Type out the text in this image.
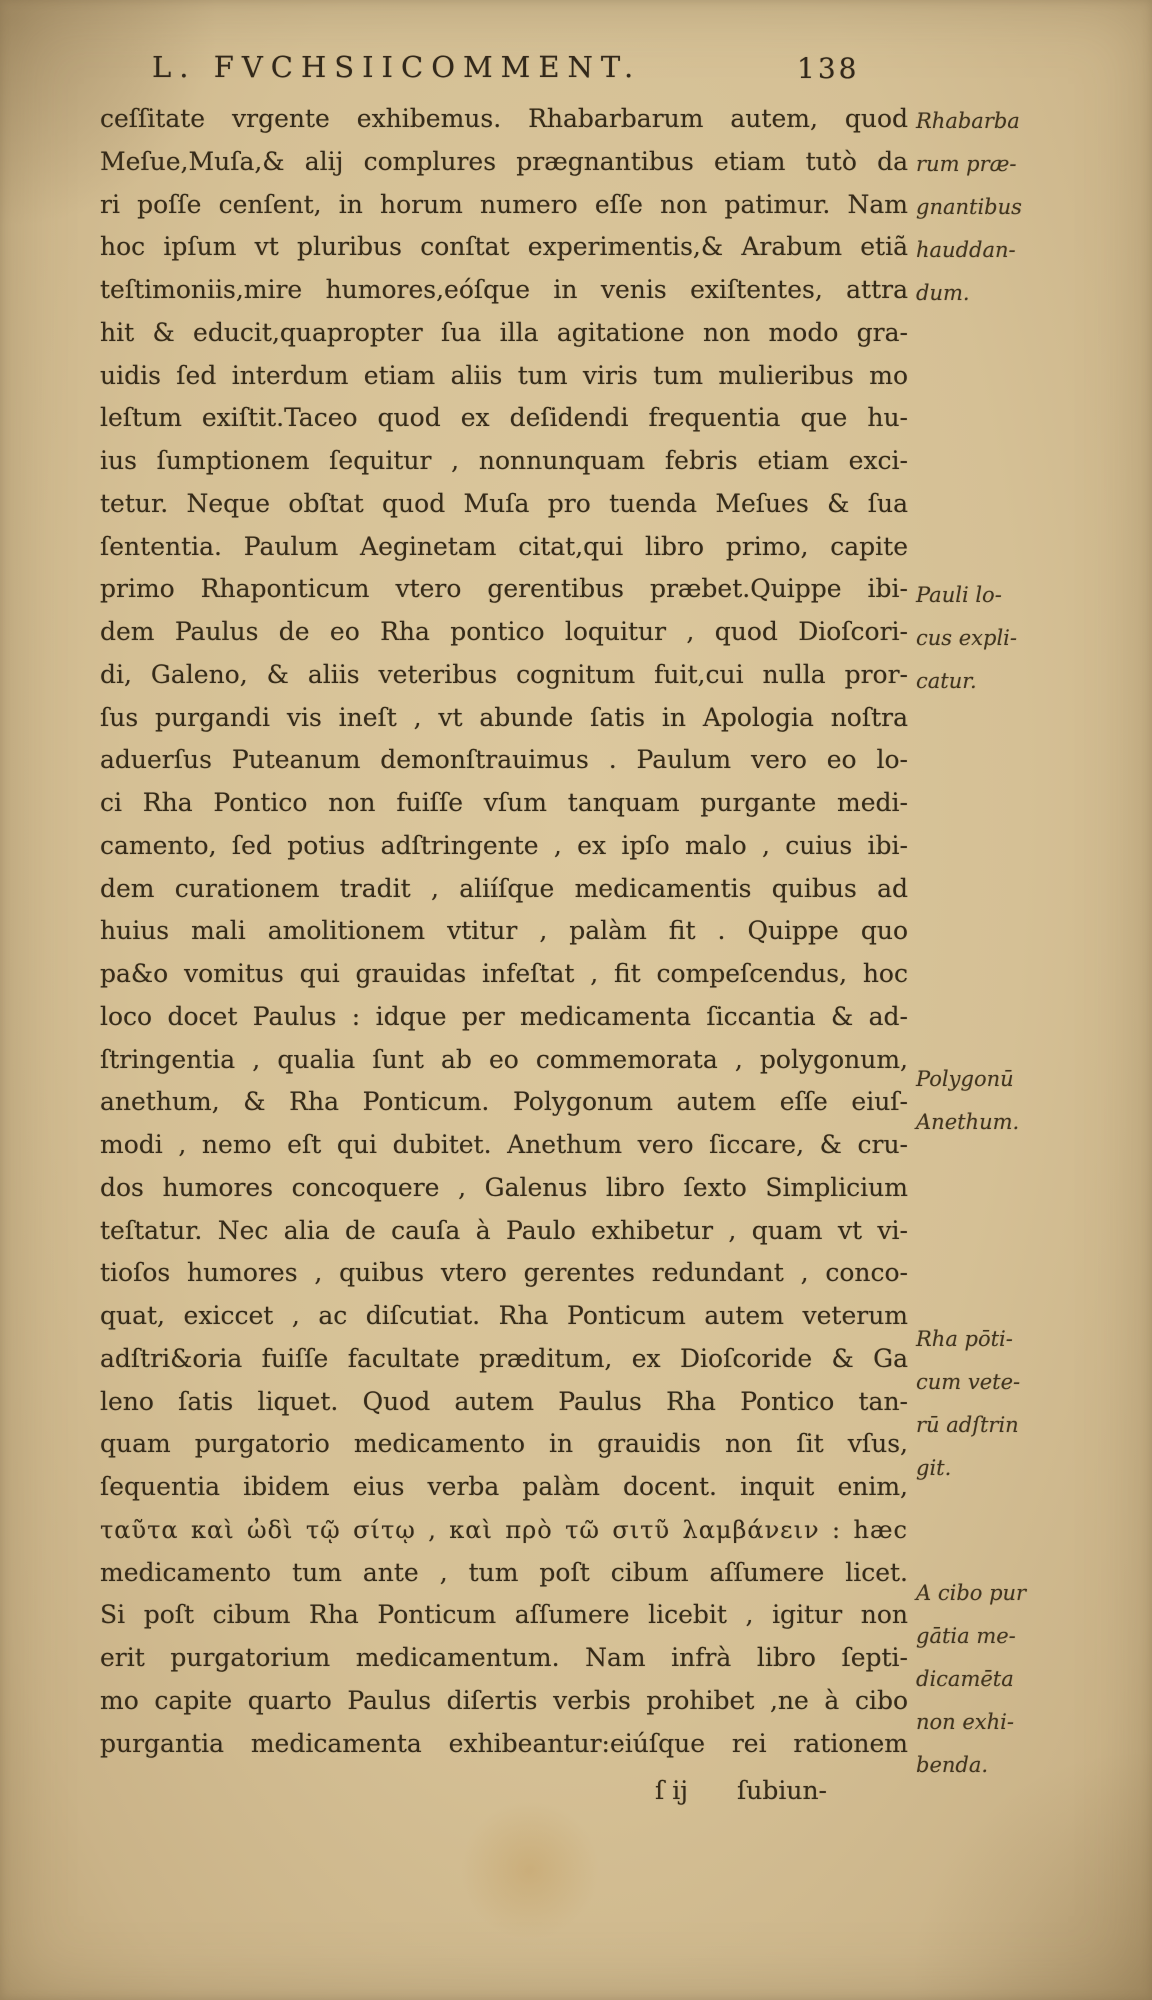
L. FVCHSIICOMMENT.	138
ceſſitate vrgente exhibemus. Rhabarbarum autem, quod
Meſue,Muſa,& alij complures prægnantibus etiam tutò da
ri poſſe cenſent, in horum numero eſſe non patimur. Nam
hoc ipſum vt pluribus conſtat experimentis,& Arabum etiã
teſtimoniis,mire humores,eóſque in venis exiſtentes, attra
hit & educit,quapropter ſua illa agitatione non modo gra-
uidis ſed interdum etiam aliis tum viris tum mulieribus mo
leſtum exiſtit.Taceo quod ex deſidendi frequentia que hu-
ius ſumptionem ſequitur , nonnunquam febris etiam exci-
tetur. Neque obſtat quod Muſa pro tuenda Meſues & ſua
ſententia. Paulum Aeginetam citat,qui libro primo, capite
primo Rhaponticum vtero gerentibus præbet.Quippe ibi-
dem Paulus de eo Rha pontico loquitur , quod Dioſcori-
di, Galeno, & aliis veteribus cognitum fuit,cui nulla pror-
ſus purgandi vis ineſt , vt abunde ſatis in Apologia noſtra
aduerſus Puteanum demonſtrauimus . Paulum vero eo lo-
ci Rha Pontico non fuiſſe vſum tanquam purgante medi-
camento, ſed potius adſtringente , ex ipſo malo , cuius ibi-
dem curationem tradit , aliíſque medicamentis quibus ad
huius mali amolitionem vtitur , palàm fit . Quippe quo
pa&o vomitus qui grauidas infeſtat , fit compeſcendus, hoc
loco docet Paulus : idque per medicamenta ſiccantia & ad-
ſtringentia , qualia ſunt ab eo commemorata , polygonum,
anethum, & Rha Ponticum. Polygonum autem eſſe eiuſ-
modi , nemo eſt qui dubitet. Anethum vero ſiccare, & cru-
dos humores concoquere , Galenus libro ſexto Simplicium
teſtatur. Nec alia de cauſa à Paulo exhibetur , quam vt vi-
tioſos humores , quibus vtero gerentes redundant , conco-
quat, exiccet , ac diſcutiat. Rha Ponticum autem veterum
adſtri&oria fuiſſe facultate præditum, ex Dioſcoride & Ga
leno ſatis liquet. Quod autem Paulus Rha Pontico tan-
quam purgatorio medicamento in grauidis non ſit vſus,
ſequentia ibidem eius verba palàm docent. inquit enim,
ταῦτα καὶ ὠδὶ τῷ σίτῳ , καὶ πρὸ τῶ σιτῦ λαμβάνειν : hæc
medicamento tum ante , tum poſt cibum aſſumere licet.
Si poſt cibum Rha Ponticum aſſumere licebit , igitur non
erit purgatorium medicamentum. Nam infrà libro ſepti-
mo capite quarto Paulus diſertis verbis prohibet ,ne à cibo
purgantia medicamenta exhibeantur:eiúſque rei rationem
Rhabarba
rum præ-
gnantibus
hauddan-
dum.
Pauli lo-
cus expli-
catur.
Polygonū
Anethum.
Rha pōti-
cum vete-
rū adſtrin
git.
A cibo pur
gātia me-
dicamēta
non exhi-
benda.
ſ ij ſubiun-
